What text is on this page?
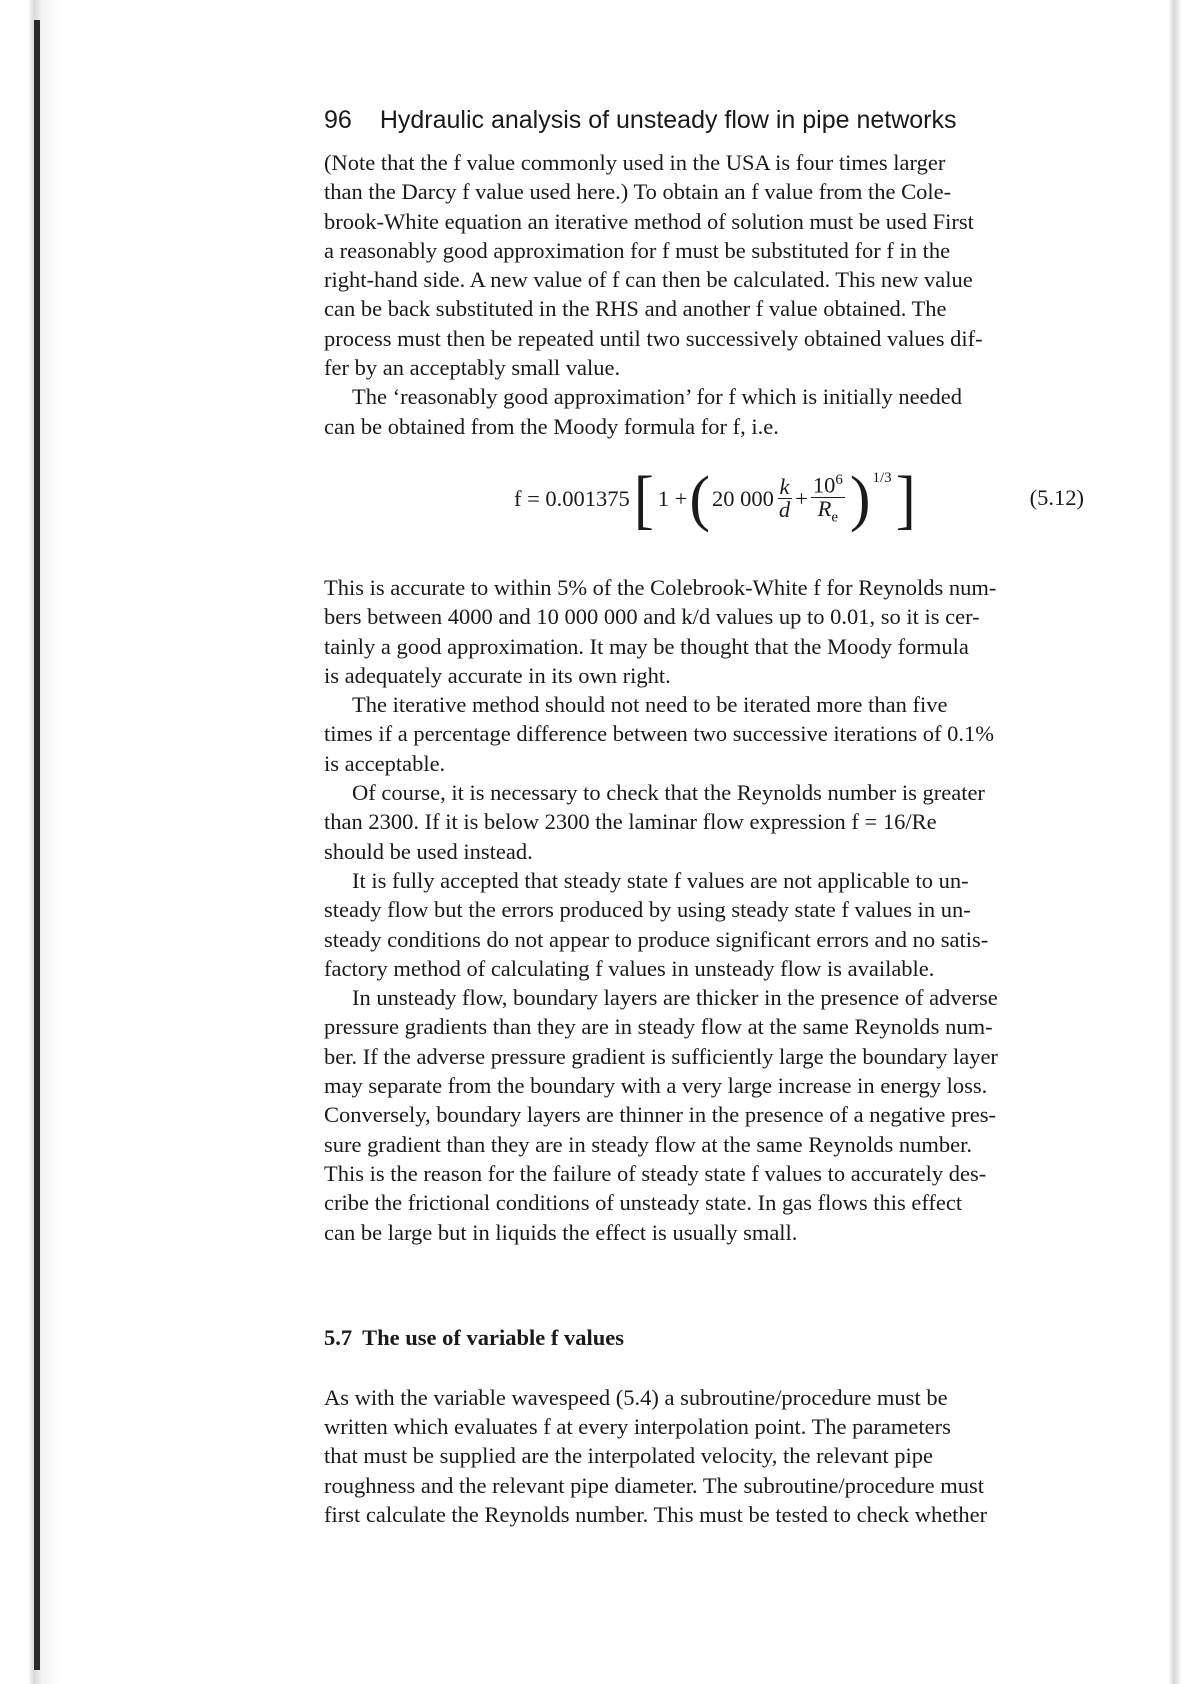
96 Hydraulic analysis of unsteady flow in pipe networks

(Note that the f value commonly used in the USA is four times larger
than the Darcy f value used here.) To obtain an f value from the Cole-
brook-White equation an iterative method of solution must be used First
a reasonably good approximation for f must be substituted for f in the
right-hand side. A new value of f can then be calculated. This new value
can be back substituted in the RHS and another f value obtained. The
process must then be repeated until two successively obtained values dif-
fer by an acceptably small value.

The ‘reasonably good approximation’ for f which is initially needed
can be obtained from the Moody formula for f, i.e.

f = 0.001375 [ 1 + ( 20 $000 \frac{k}{d} + \frac{10^6}{R_e}$ ) 1/3 ]	(5.12)

This is accurate to within 5% of the Colebrook-White f for Reynolds num-
bers between 4000 and 10 000 000 and k/d values up to 0.01, so it is cer-
tainly a good approximation. It may be thought that the Moody formula
is adequately accurate in its own right.

The iterative method should not need to be iterated more than five
times if a percentage difference between two successive iterations of 0.1%
is acceptable.

Of course, it is necessary to check that the Reynolds number is greater
than 2300. If it is below 2300 the laminar flow expression f = 16/Re
should be used instead.

It is fully accepted that steady state f values are not applicable to un-
steady flow but the errors produced by using steady state f values in un-
steady conditions do not appear to produce significant errors and no satis-
factory method of calculating f values in unsteady flow is available.

In unsteady flow, boundary layers are thicker in the presence of adverse
pressure gradients than they are in steady flow at the same Reynolds num-
ber. If the adverse pressure gradient is sufficiently large the boundary layer
may separate from the boundary with a very large increase in energy loss.
Conversely, boundary layers are thinner in the presence of a negative pres-
sure gradient than they are in steady flow at the same Reynolds number.
This is the reason for the failure of steady state f values to accurately des-
cribe the frictional conditions of unsteady state. In gas flows this effect
can be large but in liquids the effect is usually small.

5.7 The use of variable f values

As with the variable wavespeed (5.4) a subroutine/procedure must be
written which evaluates f at every interpolation point. The parameters
that must be supplied are the interpolated velocity, the relevant pipe
roughness and the relevant pipe diameter. The subroutine/procedure must
first calculate the Reynolds number. This must be tested to check whether
